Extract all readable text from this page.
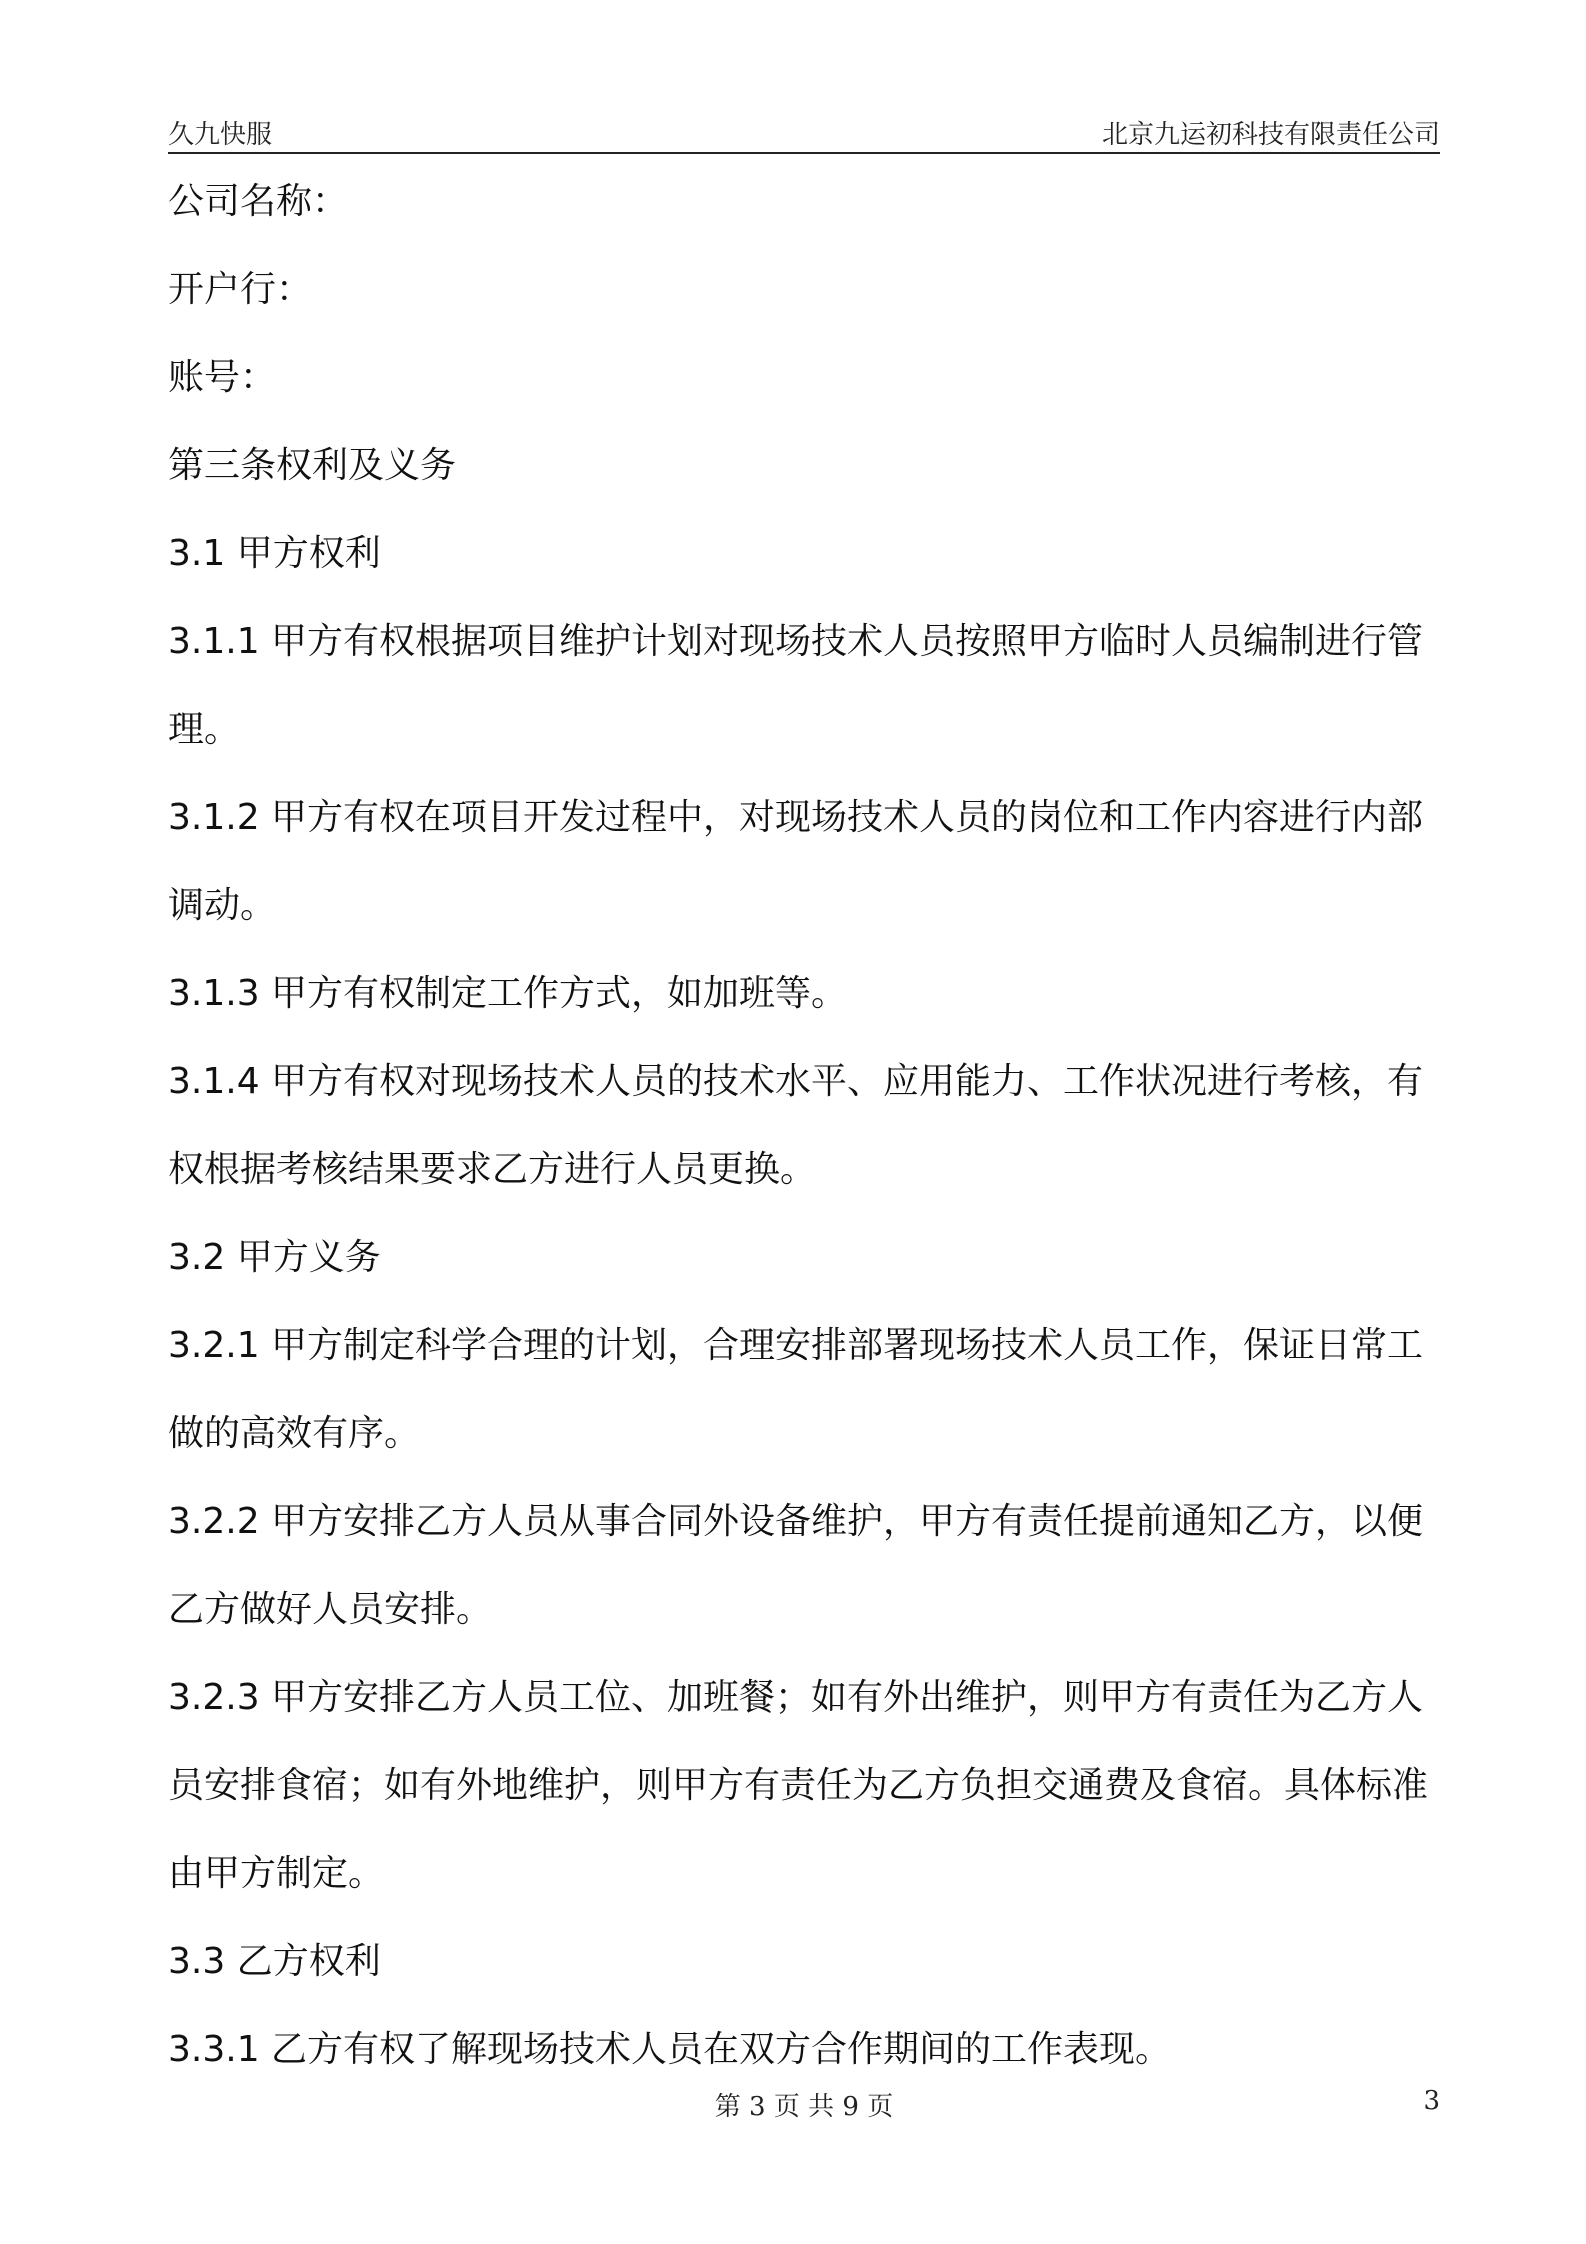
久九快服	北京九运初科技有限责任公司

公司名称：

开户行：

账号：

第三条权利及义务

3.1 甲方权利

3.1.1 甲方有权根据项目维护计划对现场技术人员按照甲方临时人员编制进行管理。

3.1.2 甲方有权在项目开发过程中，对现场技术人员的岗位和工作内容进行内部调动。

3.1.3 甲方有权制定工作方式，如加班等。

3.1.4 甲方有权对现场技术人员的技术水平、应用能力、工作状况进行考核，有权根据考核结果要求乙方进行人员更换。

3.2 甲方义务

3.2.1 甲方制定科学合理的计划，合理安排部署现场技术人员工作，保证日常工做的高效有序。

3.2.2 甲方安排乙方人员从事合同外设备维护，甲方有责任提前通知乙方，以便乙方做好人员安排。

3.2.3 甲方安排乙方人员工位、加班餐；如有外出维护，则甲方有责任为乙方人员安排食宿；如有外地维护，则甲方有责任为乙方负担交通费及食宿。具体标准由甲方制定。

3.3 乙方权利

3.3.1 乙方有权了解现场技术人员在双方合作期间的工作表现。

第 3 页 共 9 页	3
